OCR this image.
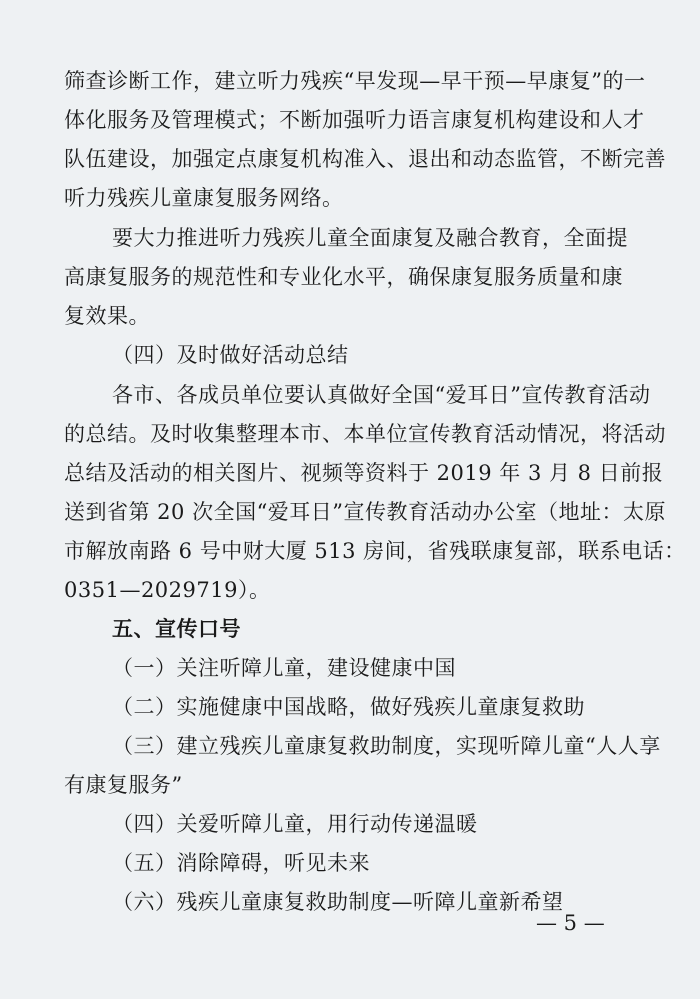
筛查诊断工作，建立听力残疾“早发现—早干预—早康复”的一
体化服务及管理模式；不断加强听力语言康复机构建设和人才
队伍建设，加强定点康复机构准入、退出和动态监管，不断完善
听力残疾儿童康复服务网络。
要大力推进听力残疾儿童全面康复及融合教育，全面提
高康复服务的规范性和专业化水平，确保康复服务质量和康
复效果。
（四）及时做好活动总结
各市、各成员单位要认真做好全国“爱耳日”宣传教育活动
的总结。及时收集整理本市、本单位宣传教育活动情况，将活动
总结及活动的相关图片、视频等资料于 2019 年 3 月 8 日前报
送到省第 20 次全国“爱耳日”宣传教育活动办公室（地址：太原
市解放南路 6 号中财大厦 513 房间，省残联康复部，联系电话：
0351—2029719）。
五、宣传口号
（一）关注听障儿童，建设健康中国
（二）实施健康中国战略，做好残疾儿童康复救助
（三）建立残疾儿童康复救助制度，实现听障儿童“人人享
有康复服务”
（四）关爱听障儿童，用行动传递温暖
（五）消除障碍，听见未来
（六）残疾儿童康复救助制度—听障儿童新希望
— 5 —
